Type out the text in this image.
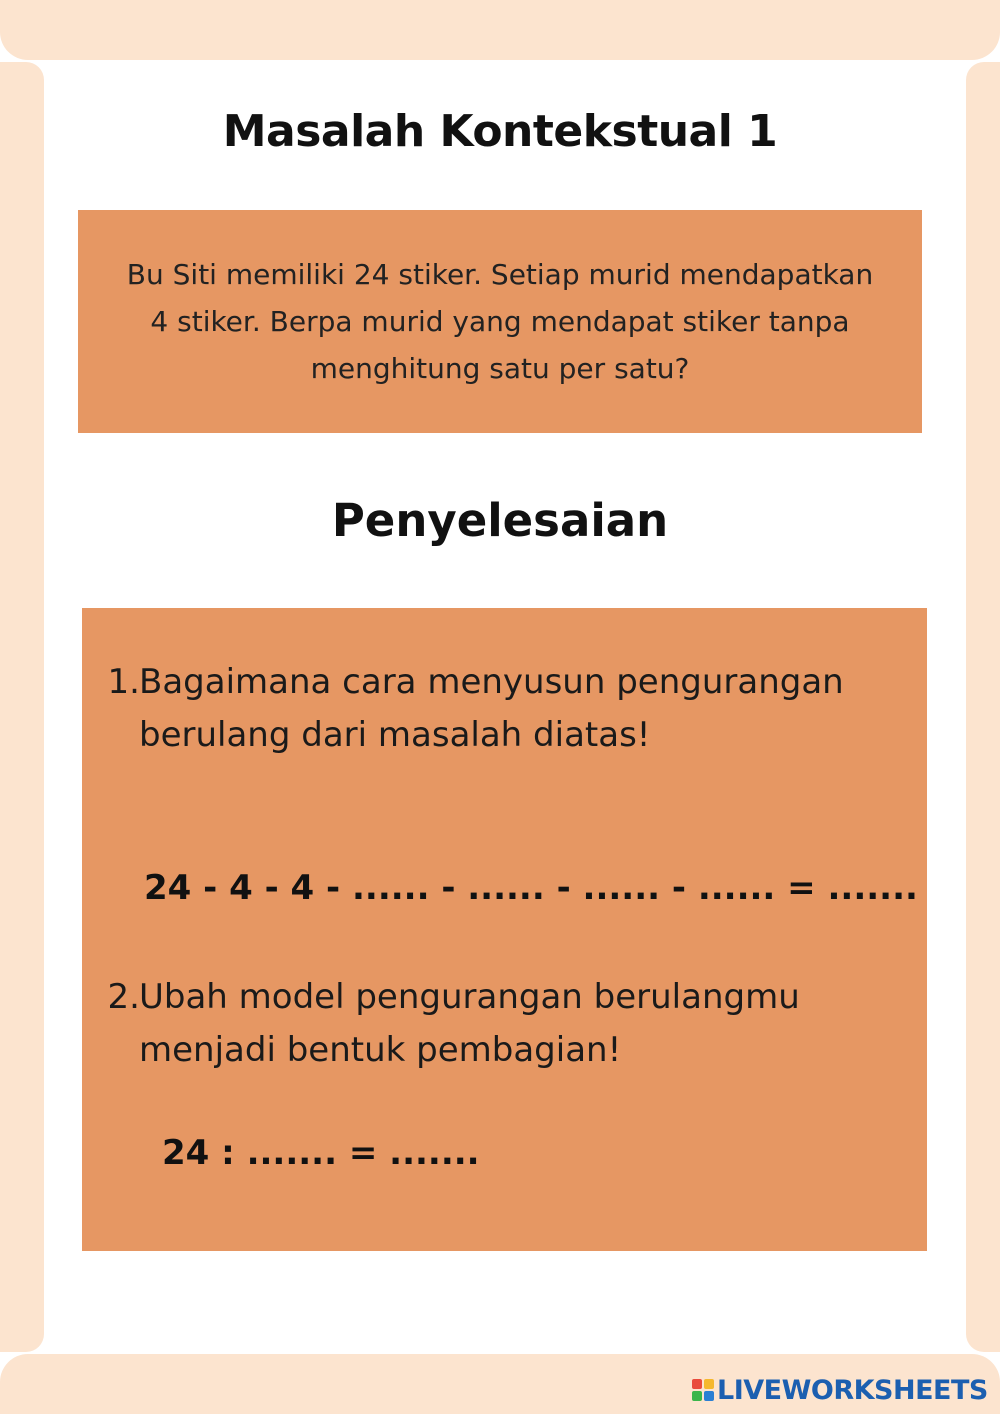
Masalah Kontekstual 1

Bu Siti memiliki 24 stiker. Setiap murid mendapatkan 4 stiker. Berpa murid yang mendapat stiker tanpa menghitung satu per satu?

Penyelesaian
1. Bagaimana cara menyusun pengurangan berulang dari masalah diatas!
24 - 4 - 4 - ...... - ...... - ...... - ...... = .......
2. Ubah model pengurangan berulangmu menjadi bentuk pembagian!
24 : ....... = .......
LIVEWORKSHEETS
